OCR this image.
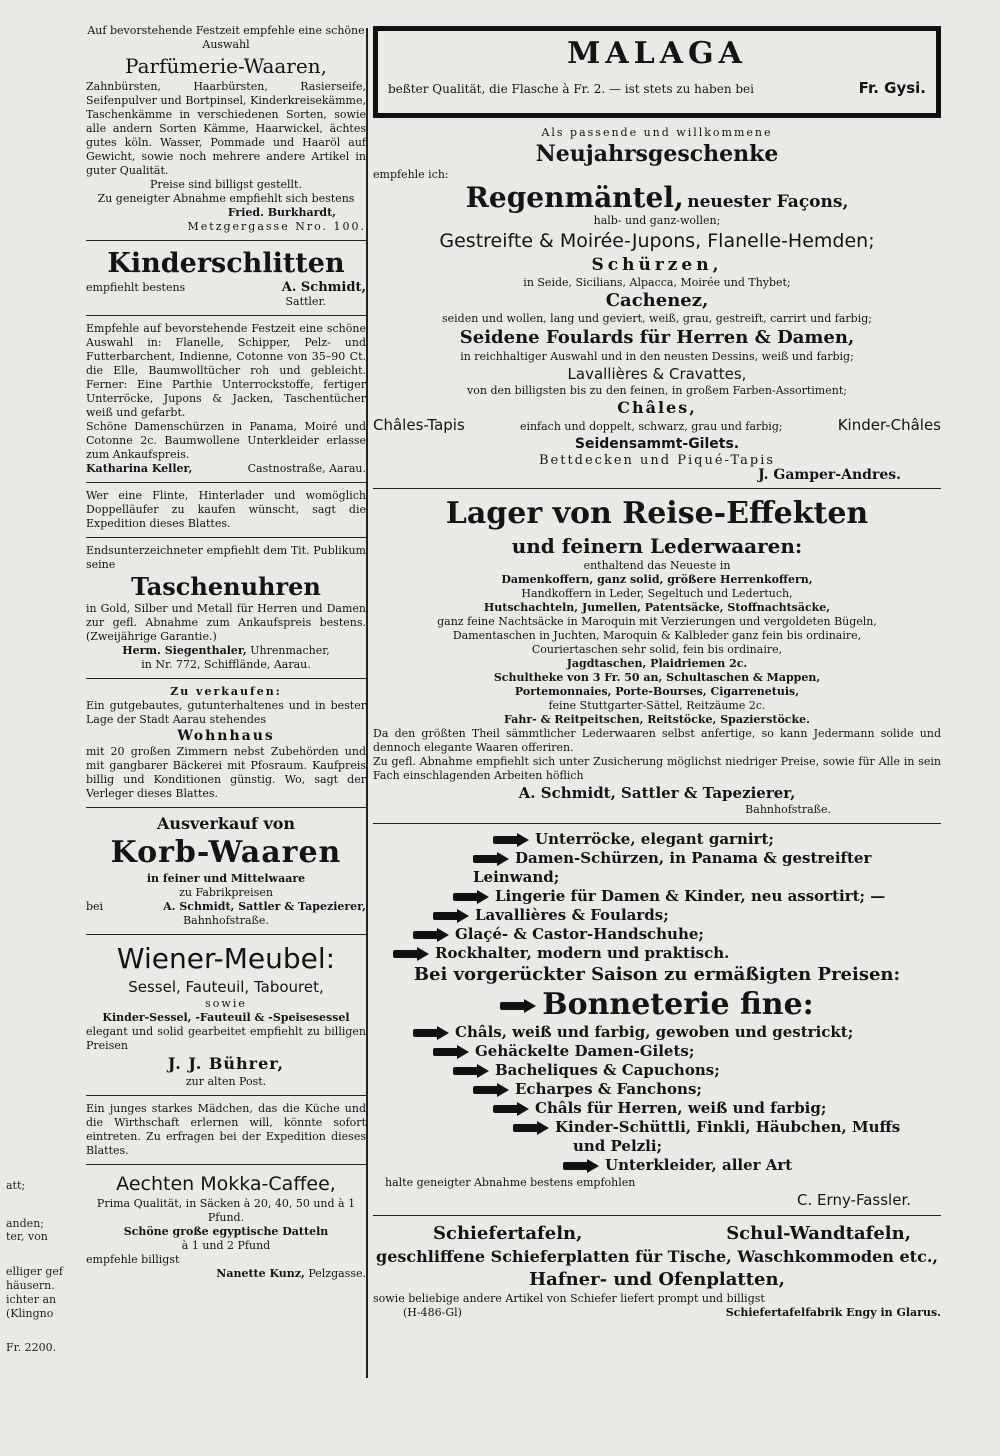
att;
anden;
ter, von
elliger gef
häusern.
ichter an
(Klingno
Fr. 2200.
Auf bevorstehende Festzeit empfehle eine schöne Auswahl
Parfümerie-Waaren,
Zahnbürsten, Haarbürsten, Rasierseife, Seifenpulver und Bortpinsel, Kinderkreisekämme, Taschenkämme in verschiedenen Sorten, sowie alle andern Sorten Kämme, Haarwickel, ächtes gutes köln. Wasser, Pommade und Haaröl auf Gewicht, sowie noch mehrere andere Artikel in guter Qualität.
Preise sind billigst gestellt.
Zu geneigter Abnahme empfiehlt sich bestens
Fried. Burkhardt,
Metzgergasse Nro. 100.
Kinderschlitten
empfiehlt bestens	A. Schmidt,
Sattler.
Empfehle auf bevorstehende Festzeit eine schöne Auswahl in: Flanelle, Schipper, Pelz- und Futterbarchent, Indienne, Cotonne von 35–90 Ct. die Elle, Baumwolltücher roh und gebleicht. Ferner: Eine Parthie Unterrockstoffe, fertiger Unterröcke, Jupons & Jacken, Taschentücher weiß und gefarbt.
Schöne Damenschürzen in Panama, Moiré und Cotonne 2c. Baumwollene Unterkleider erlasse zum Ankaufspreis.
Katharina Keller,	Castnostraße, Aarau.
Wer eine Flinte, Hinterlader und womöglich Doppelläufer zu kaufen wünscht, sagt die Expedition dieses Blattes.
Endsunterzeichneter empfiehlt dem Tit. Publikum seine
Taschenuhren
in Gold, Silber und Metall für Herren und Damen zur gefl. Abnahme zum Ankaufspreis bestens. (Zweijährige Garantie.)
Herm. Siegenthaler, Uhrenmacher,
in Nr. 772, Schifflände, Aarau.
Zu verkaufen:
Ein gutgebautes, gutunterhaltenes und in bester Lage der Stadt Aarau stehendes
Wohnhaus
mit 20 großen Zimmern nebst Zubehörden und mit gangbarer Bäckerei mit Pfosraum. Kaufpreis billig und Konditionen günstig. Wo, sagt der Verleger dieses Blattes.
Ausverkauf von
Korb-Waaren
in feiner und Mittelwaare
zu Fabrikpreisen
bei	A. Schmidt, Sattler & Tapezierer,
Bahnhofstraße.
Wiener-Meubel:
Sessel, Fauteuil, Tabouret,
sowie
Kinder-Sessel, -Fauteuil & -Speisesessel
elegant und solid gearbeitet empfiehlt zu billigen Preisen
J. J. Bührer,
zur alten Post.
Ein junges starkes Mädchen, das die Küche und die Wirthschaft erlernen will, könnte sofort eintreten. Zu erfragen bei der Expedition dieses Blattes.
Aechten Mokka-Caffee,
Prima Qualität, in Säcken à 20, 40, 50 und à 1 Pfund.
Schöne große egyptische Datteln
à 1 und 2 Pfund
empfehle billigst
Nanette Kunz, Pelzgasse.
MALAGA
beßter Qualität, die Flasche à Fr. 2. — ist stets zu haben bei	Fr. Gysi.
Als passende und willkommene
Neujahrsgeschenke
empfehle ich:
Regenmäntel, neuester Façons,
halb- und ganz-wollen;
Gestreifte & Moirée-Jupons, Flanelle-Hemden;
Schürzen,
in Seide, Sicilians, Alpacca, Moirée und Thybet;
Cachenez,
seiden und wollen, lang und geviert, weiß, grau, gestreift, carrirt und farbig;
Seidene Foulards für Herren & Damen,
in reichhaltiger Auswahl und in den neusten Dessins, weiß und farbig;
Lavallières & Cravattes,
von den billigsten bis zu den feinen, in großem Farben-Assortiment;
Châles,
Châles-Tapis	einfach und doppelt, schwarz, grau und farbig;	Kinder-Châles
Seidensammt-Gilets.
Bettdecken und Piqué-Tapis
J. Gamper-Andres.
Lager von Reise-Effekten
und feinern Lederwaaren:
enthaltend das Neueste in
Damenkoffern, ganz solid, größere Herrenkoffern,
Handkoffern in Leder, Segeltuch und Ledertuch,
Hutschachteln, Jumellen, Patentsäcke, Stoffnachtsäcke,
ganz feine Nachtsäcke in Maroquin mit Verzierungen und vergoldeten Bügeln,
Damentaschen in Juchten, Maroquin & Kalbleder ganz fein bis ordinaire,
Couriertaschen sehr solid, fein bis ordinaire,
Jagdtaschen, Plaidriemen 2c.
Schultheke von 3 Fr. 50 an, Schultaschen & Mappen,
Portemonnaies, Porte-Bourses, Cigarrenetuis,
feine Stuttgarter-Sättel, Reitzäume 2c.
Fahr- & Reitpeitschen, Reitstöcke, Spazierstöcke.
Da den größten Theil sämmtlicher Lederwaaren selbst anfertige, so kann Jedermann solide und dennoch elegante Waaren offeriren.
Zu gefl. Abnahme empfiehlt sich unter Zusicherung möglichst niedriger Preise, sowie für Alle in sein Fach einschlagenden Arbeiten höflich
A. Schmidt, Sattler & Tapezierer,
Bahnhofstraße.
Unterröcke, elegant garnirt;
Damen-Schürzen, in Panama & gestreifter Leinwand;
Lingerie für Damen & Kinder, neu assortirt; —
Lavallières & Foulards;
Glaçé- & Castor-Handschuhe;
Rockhalter, modern und praktisch.
Bei vorgerückter Saison zu ermäßigten Preisen:
Bonneterie fine:
Châls, weiß und farbig, gewoben und gestrickt;
Gehäckelte Damen-Gilets;
Bacheliques & Capuchons;
Echarpes & Fanchons;
Châls für Herren, weiß und farbig;
Kinder-Schüttli, Finkli, Häubchen, Muffs
und Pelzli;
Unterkleider, aller Art
halte geneigter Abnahme bestens empfohlen
C. Erny-Fassler.
Schiefertafeln,	Schul-Wandtafeln,
geschliffene Schieferplatten für Tische, Waschkommoden etc.,
Hafner- und Ofenplatten,
sowie beliebige andere Artikel von Schiefer liefert prompt und billigst
(H-486-Gl)	Schiefertafelfabrik Engy in Glarus.
